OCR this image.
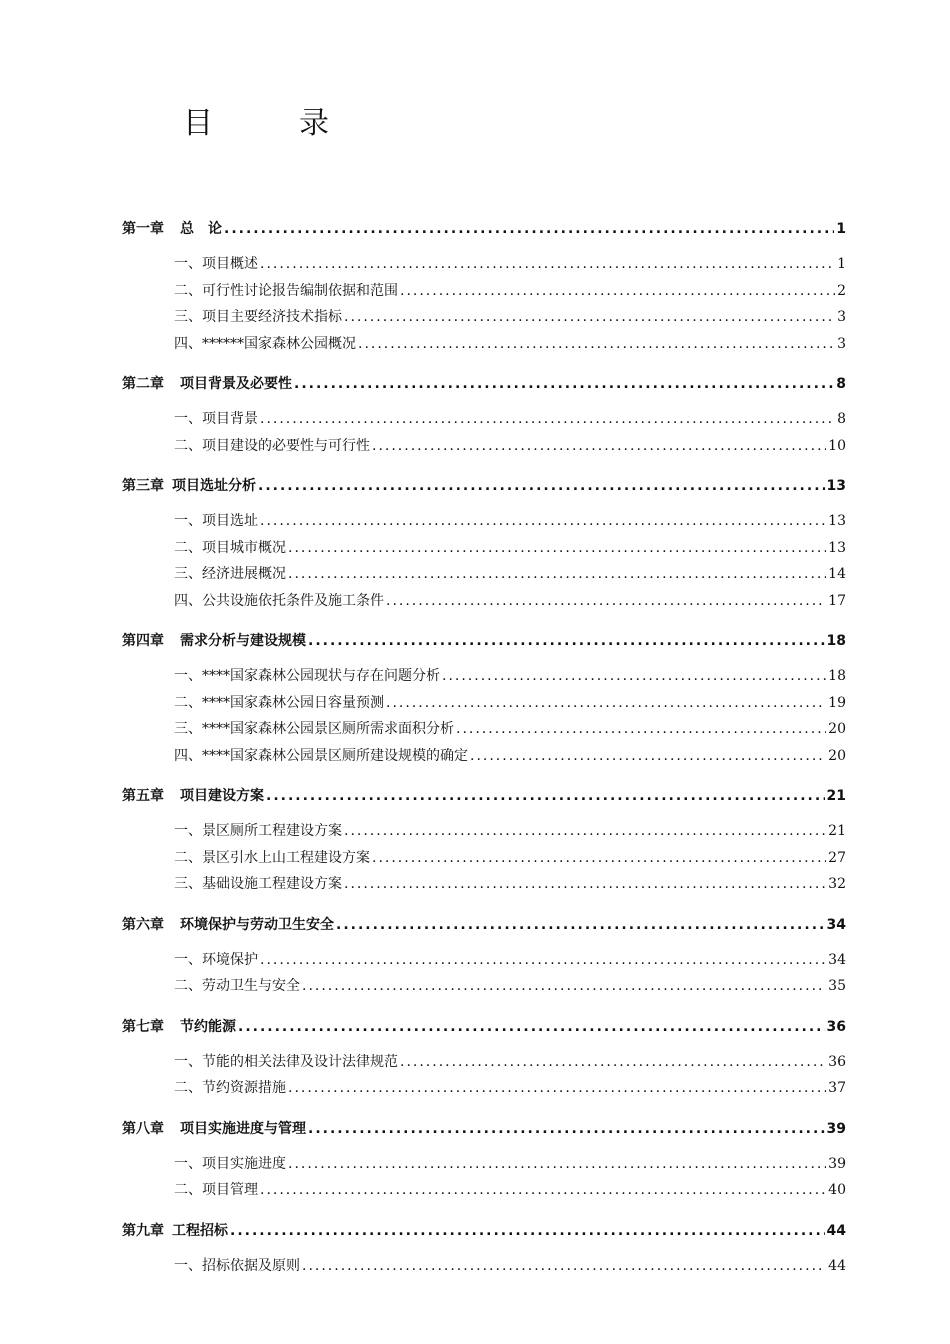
目	录
第一章 总　论 .....	1
一、项目概述 .....	1
二、可行性讨论报告编制依据和范围 .....	2
三、项目主要经济技术指标 .....	3
四、******国家森林公园概况 .....	3
第二章 项目背景及必要性 .....	8
一、项目背景 .....	8
二、项目建设的必要性与可行性 .....	10
第三章 项目选址分析 .....	13
一、项目选址 .....	13
二、项目城市概况 .....	13
三、经济进展概况 .....	14
四、公共设施依托条件及施工条件 .....	17
第四章 需求分析与建设规模 .....	18
一、****国家森林公园现状与存在问题分析 .....	18
二、****国家森林公园日容量预测 .....	19
三、****国家森林公园景区厕所需求面积分析 .....	20
四、****国家森林公园景区厕所建设规模的确定 .....	20
第五章 项目建设方案 .....	21
一、景区厕所工程建设方案 .....	21
二、景区引水上山工程建设方案 .....	27
三、基础设施工程建设方案 .....	32
第六章 环境保护与劳动卫生安全 .....	34
一、环境保护 .....	34
二、劳动卫生与安全 .....	35
第七章 节约能源 .....	36
一、节能的相关法律及设计法律规范 .....	36
二、节约资源措施 .....	37
第八章 项目实施进度与管理 .....	39
一、项目实施进度 .....	39
二、项目管理 .....	40
第九章 工程招标 .....	44
一、招标依据及原则 .....	44
